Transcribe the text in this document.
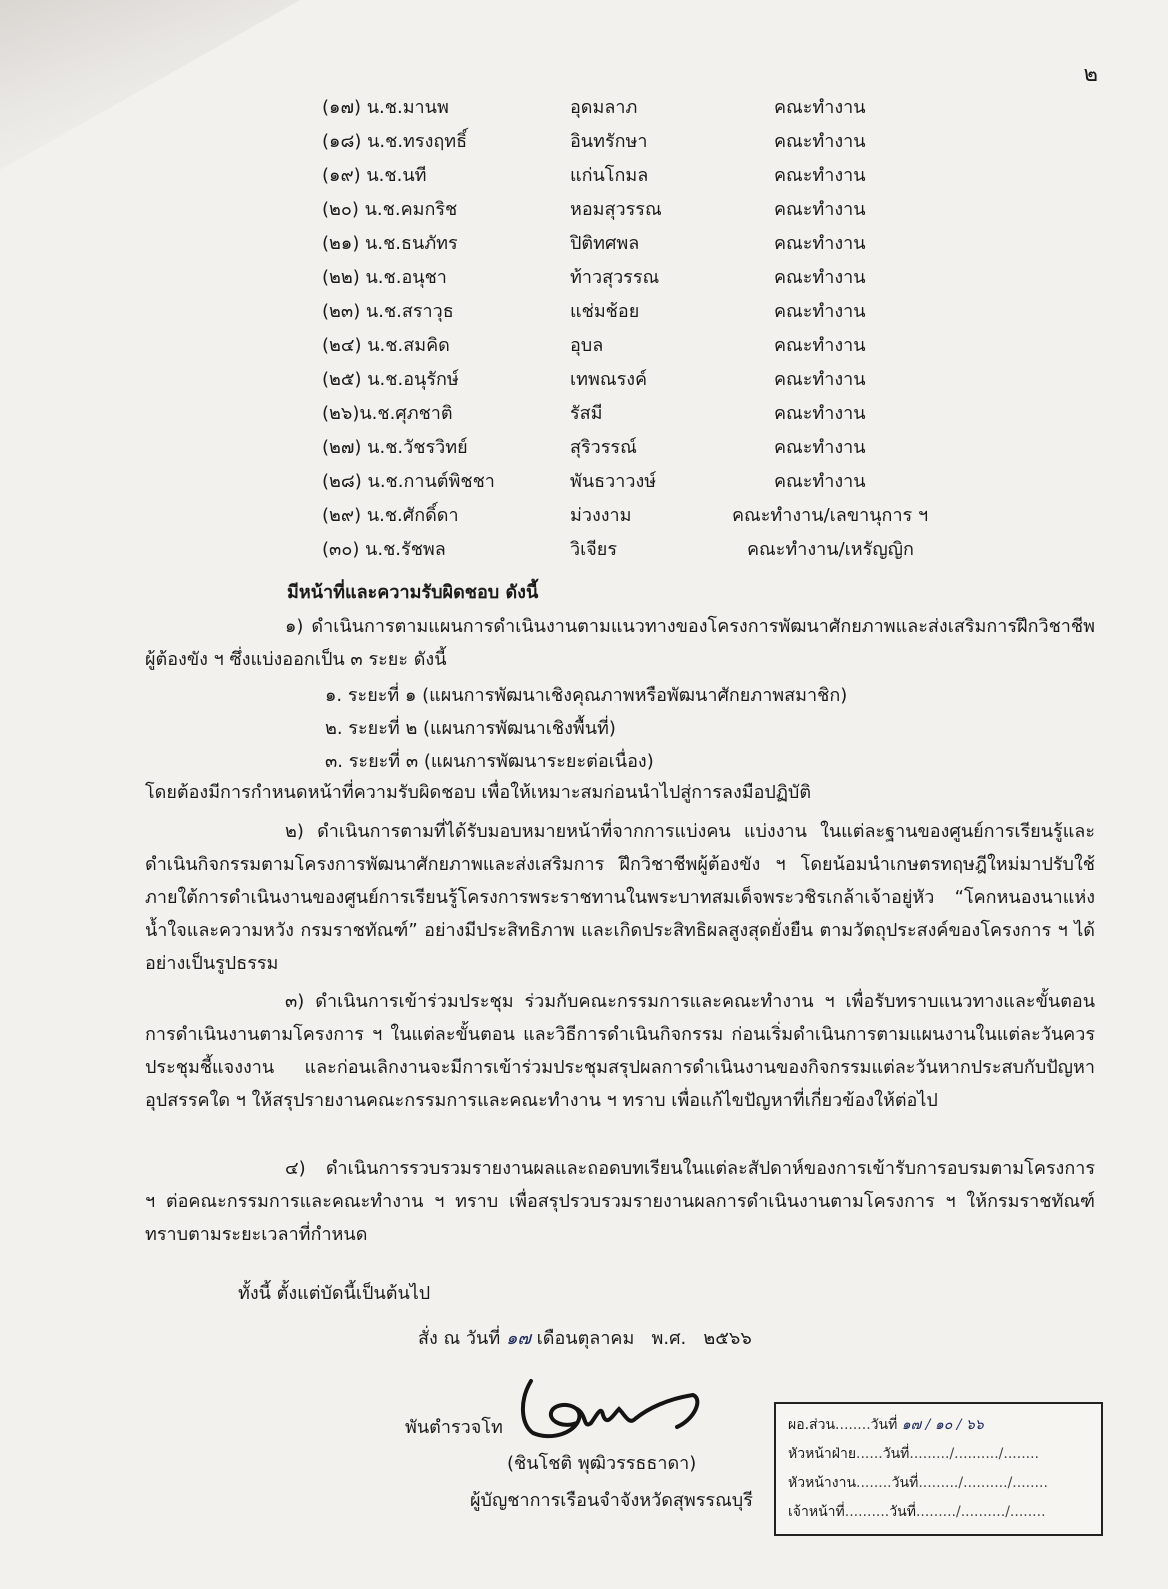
๒
(๑๗) น.ช.มานพ	อุดมลาภ	คณะทำงาน
(๑๘) น.ช.ทรงฤทธิ์	อินทรักษา	คณะทำงาน
(๑๙) น.ช.นที	แก่นโกมล	คณะทำงาน
(๒๐) น.ช.คมกริช	หอมสุวรรณ	คณะทำงาน
(๒๑) น.ช.ธนภัทร	ปิติทศพล	คณะทำงาน
(๒๒) น.ช.อนุชา	ท้าวสุวรรณ	คณะทำงาน
(๒๓) น.ช.สราวุธ	แช่มช้อย	คณะทำงาน
(๒๔) น.ช.สมคิด	อุบล	คณะทำงาน
(๒๕) น.ช.อนุรักษ์	เทพณรงค์	คณะทำงาน
(๒๖)น.ช.ศุภชาติ	รัสมี	คณะทำงาน
(๒๗) น.ช.วัชรวิทย์	สุริวรรณ์	คณะทำงาน
(๒๘) น.ช.กานต์พิชชา	พันธวาวงษ์	คณะทำงาน
(๒๙) น.ช.ศักดิ์ดา	ม่วงงาม	คณะทำงาน/เลขานุการ ฯ
(๓๐) น.ช.รัชพล	วิเจียร	คณะทำงาน/เหรัญญิก
มีหน้าที่และความรับผิดชอบ ดังนี้
๑) ดำเนินการตามแผนการดำเนินงานตามแนวทางของโครงการพัฒนาศักยภาพและส่งเสริมการฝึกวิชาชีพผู้ต้องขัง ฯ ซึ่งแบ่งออกเป็น ๓ ระยะ ดังนี้
๑. ระยะที่ ๑ (แผนการพัฒนาเชิงคุณภาพหรือพัฒนาศักยภาพสมาชิก)
๒. ระยะที่ ๒ (แผนการพัฒนาเชิงพื้นที่)
๓. ระยะที่ ๓ (แผนการพัฒนาระยะต่อเนื่อง)
โดยต้องมีการกำหนดหน้าที่ความรับผิดชอบ เพื่อให้เหมาะสมก่อนนำไปสู่การลงมือปฏิบัติ
๒) ดำเนินการตามที่ได้รับมอบหมายหน้าที่จากการแบ่งคน แบ่งงาน ในแต่ละฐานของศูนย์การเรียนรู้และดำเนินกิจกรรมตามโครงการพัฒนาศักยภาพและส่งเสริมการ ฝึกวิชาชีพผู้ต้องขัง ฯ โดยน้อมนำเกษตรทฤษฎีใหม่มาปรับใช้ ภายใต้การดำเนินงานของศูนย์การเรียนรู้โครงการพระราชทานในพระบาทสมเด็จพระวชิรเกล้าเจ้าอยู่หัว “โคกหนองนาแห่งน้ำใจและความหวัง กรมราชทัณฑ์” อย่างมีประสิทธิภาพ และเกิดประสิทธิผลสูงสุดยั่งยืน ตามวัตถุประสงค์ของโครงการ ฯ ได้อย่างเป็นรูปธรรม
๓) ดำเนินการเข้าร่วมประชุม ร่วมกับคณะกรรมการและคณะทำงาน ฯ เพื่อรับทราบแนวทางและขั้นตอนการดำเนินงานตามโครงการ ฯ ในแต่ละขั้นตอน และวิธีการดำเนินกิจกรรม ก่อนเริ่มดำเนินการตามแผนงานในแต่ละวันควรประชุมชี้แจงงาน และก่อนเลิกงานจะมีการเข้าร่วมประชุมสรุปผลการดำเนินงานของกิจกรรมแต่ละวันหากประสบกับปัญหาอุปสรรคใด ฯ ให้สรุปรายงานคณะกรรมการและคณะทำงาน ฯ ทราบ เพื่อแก้ไขปัญหาที่เกี่ยวข้องให้ต่อไป
๔) ดำเนินการรวบรวมรายงานผลและถอดบทเรียนในแต่ละสัปดาห์ของการเข้ารับการอบรมตามโครงการ ฯ ต่อคณะกรรมการและคณะทำงาน ฯ ทราบ เพื่อสรุปรวบรวมรายงานผลการดำเนินงานตามโครงการ ฯ ให้กรมราชทัณฑ์ทราบตามระยะเวลาที่กำหนด
ทั้งนี้ ตั้งแต่บัดนี้เป็นต้นไป
สั่ง ณ วันที่ ๑๗ เดือนตุลาคม พ.ศ. ๒๕๖๖
พันตำรวจโท
(ชินโชติ พุฒิวรรธธาดา)
ผู้บัญชาการเรือนจำจังหวัดสุพรรณบุรี
ผอ.ส่วน........วันที่ ๑๗ / ๑๐ / ๖๖
หัวหน้าฝ่าย......วันที่........./........../........
หัวหน้างาน........วันที่........./........../........
เจ้าหน้าที่..........วันที่........./........../........
